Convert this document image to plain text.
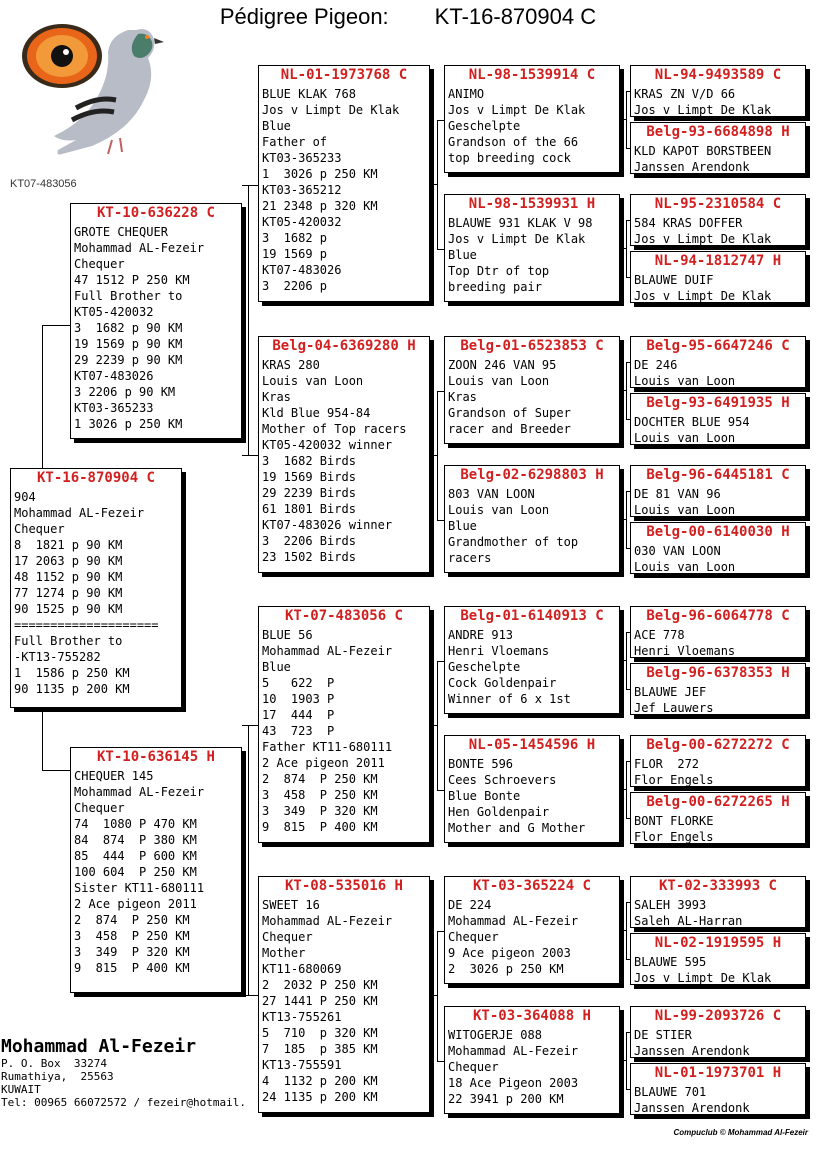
Pédigree Pigeon: KT-16-870904 C
KT07-483056
KT-16-870904 C
904
Mohammad AL-Fezeir
Chequer
8  1821 p 90 KM
17 2063 p 90 KM
48 1152 p 90 KM
77 1274 p 90 KM
90 1525 p 90 KM
====================
Full Brother to
-KT13-755282
1  1586 p 250 KM
90 1135 p 200 KM
KT-10-636228 C
GROTE CHEQUER
Mohammad AL-Fezeir
Chequer
47 1512 P 250 KM
Full Brother to
KT05-420032
3  1682 p 90 KM
19 1569 p 90 KM
29 2239 p 90 KM
KT07-483026
3 2206 p 90 KM
KT03-365233
1 3026 p 250 KM
KT-10-636145 H
CHEQUER 145
Mohammad AL-Fezeir
Chequer
74  1080 P 470 KM
84  874  P 380 KM
85  444  P 600 KM
100 604  P 250 KM
Sister KT11-680111
2 Ace pigeon 2011
2  874  P 250 KM
3  458  P 250 KM
3  349  P 320 KM
9  815  P 400 KM
NL-01-1973768 C
BLUE KLAK 768
Jos v Limpt De Klak
Blue
Father of
KT03-365233
1  3026 p 250 KM
KT03-365212
21 2348 p 320 KM
KT05-420032
3  1682 p
19 1569 p
KT07-483026
3  2206 p
Belg-04-6369280 H
KRAS 280
Louis van Loon
Kras
Kld Blue 954-84
Mother of Top racers
KT05-420032 winner
3  1682 Birds
19 1569 Birds
29 2239 Birds
61 1801 Birds
KT07-483026 winner
3  2206 Birds
23 1502 Birds
KT-07-483056 C
BLUE 56
Mohammad AL-Fezeir
Blue
5   622  P
10  1903 P
17  444  P
43  723  P
Father KT11-680111
2 Ace pigeon 2011
2  874  P 250 KM
3  458  P 250 KM
3  349  P 320 KM
9  815  P 400 KM
KT-08-535016 H
SWEET 16
Mohammad AL-Fezeir
Chequer
Mother
KT11-680069
2  2032 P 250 KM
27 1441 P 250 KM
KT13-755261
5  710  p 320 KM
7  185  p 385 KM
KT13-755591
4  1132 p 200 KM
24 1135 p 200 KM
NL-98-1539914 C
ANIMO
Jos v Limpt De Klak
Geschelpte
Grandson of the 66
top breeding cock
NL-98-1539931 H
BLAUWE 931 KLAK V 98
Jos v Limpt De Klak
Blue
Top Dtr of top
breeding pair
Belg-01-6523853 C
ZOON 246 VAN 95
Louis van Loon
Kras
Grandson of Super
racer and Breeder
Belg-02-6298803 H
803 VAN LOON
Louis van Loon
Blue
Grandmother of top
racers
Belg-01-6140913 C
ANDRE 913
Henri Vloemans
Geschelpte
Cock Goldenpair
Winner of 6 x 1st
NL-05-1454596 H
BONTE 596
Cees Schroevers
Blue Bonte
Hen Goldenpair
Mother and G Mother
KT-03-365224 C
DE 224
Mohammad AL-Fezeir
Chequer
9 Ace pigeon 2003
2  3026 p 250 KM
KT-03-364088 H
WITOGERJE 088
Mohammad AL-Fezeir
Chequer
18 Ace Pigeon 2003
22 3941 p 200 KM
NL-94-9493589 C
KRAS ZN V/D 66
Jos v Limpt De Klak
Belg-93-6684898 H
KLD KAPOT BORSTBEEN
Janssen Arendonk
NL-95-2310584 C
584 KRAS DOFFER
Jos v Limpt De Klak
NL-94-1812747 H
BLAUWE DUIF
Jos v Limpt De Klak
Belg-95-6647246 C
DE 246
Louis van Loon
Belg-93-6491935 H
DOCHTER BLUE 954
Louis van Loon
Belg-96-6445181 C
DE 81 VAN 96
Louis van Loon
Belg-00-6140030 H
030 VAN LOON
Louis van Loon
Belg-96-6064778 C
ACE 778
Henri Vloemans
Belg-96-6378353 H
BLAUWE JEF
Jef Lauwers
Belg-00-6272272 C
FLOR  272
Flor Engels
Belg-00-6272265 H
BONT FLORKE
Flor Engels
KT-02-333993 C
SALEH 3993
Saleh AL-Harran
NL-02-1919595 H
BLAUWE 595
Jos v Limpt De Klak
NL-99-2093726 C
DE STIER
Janssen Arendonk
NL-01-1973701 H
BLAUWE 701
Janssen Arendonk
Mohammad Al-Fezeir
P. O. Box  33274
Rumathiya,  25563
KUWAIT
Tel: 00965 66072572 / fezeir@hotmail.
Compuclub © Mohammad Al-Fezeir
